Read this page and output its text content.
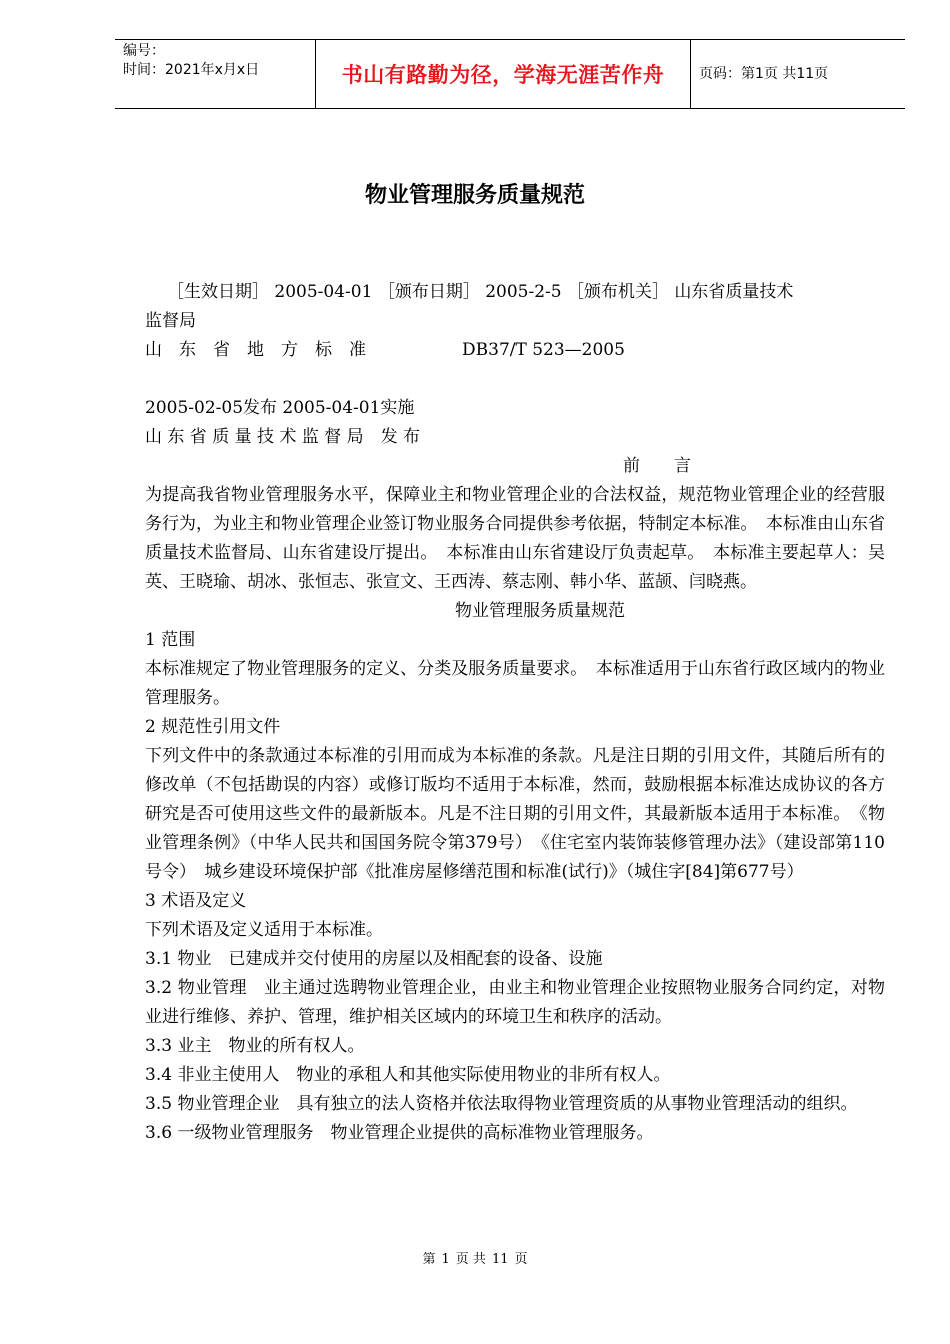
编号：
时间：2021年x月x日	书山有路勤为径，学海无涯苦作舟 页码：第1页 共11页
物业管理服务质量规范
［生效日期］ 2005-04-01 ［颁布日期］ 2005-2-5 ［颁布机关］ 山东省质量技术
监督局
山　东　省　地　方　标　准	DB37/T 523—2005
2005-02-05发布 2005-04-01实施
山 东 省 质 量 技 术 监 督 局　发 布
前　　言
为提高我省物业管理服务水平，保障业主和物业管理企业的合法权益，规范物业管理企业的经营服务行为，为业主和物业管理企业签订物业服务合同提供参考依据，特制定本标准。　本标准由山东省质量技术监督局、山东省建设厅提出。　本标准由山东省建设厅负责起草。　本标准主要起草人：吴英、王晓瑜、胡冰、张恒志、张宣文、王西涛、蔡志刚、韩小华、蓝颉、闫晓燕。
物业管理服务质量规范
1 范围
本标准规定了物业管理服务的定义、分类及服务质量要求。　本标准适用于山东省行政区域内的物业管理服务。
2 规范性引用文件
下列文件中的条款通过本标准的引用而成为本标准的条款。凡是注日期的引用文件，其随后所有的修改单（不包括勘误的内容）或修订版均不适用于本标准，然而，鼓励根据本标准达成协议的各方研究是否可使用这些文件的最新版本。凡是不注日期的引用文件，其最新版本适用于本标准。　《物业管理条例》（中华人民共和国国务院令第379号）　《住宅室内装饰装修管理办法》（建设部第110号令）　城乡建设环境保护部《批准房屋修缮范围和标准(试行)》（城住字[84]第677号）
3 术语及定义
下列术语及定义适用于本标准。
3.1 物业　已建成并交付使用的房屋以及相配套的设备、设施
3.2 物业管理　业主通过选聘物业管理企业，由业主和物业管理企业按照物业服务合同约定，对物业进行维修、养护、管理，维护相关区域内的环境卫生和秩序的活动。
3.3 业主　物业的所有权人。
3.4 非业主使用人　物业的承租人和其他实际使用物业的非所有权人。
3.5 物业管理企业　具有独立的法人资格并依法取得物业管理资质的从事物业管理活动的组织。
3.6 一级物业管理服务　物业管理企业提供的高标准物业管理服务。
第 1 页 共 11 页
